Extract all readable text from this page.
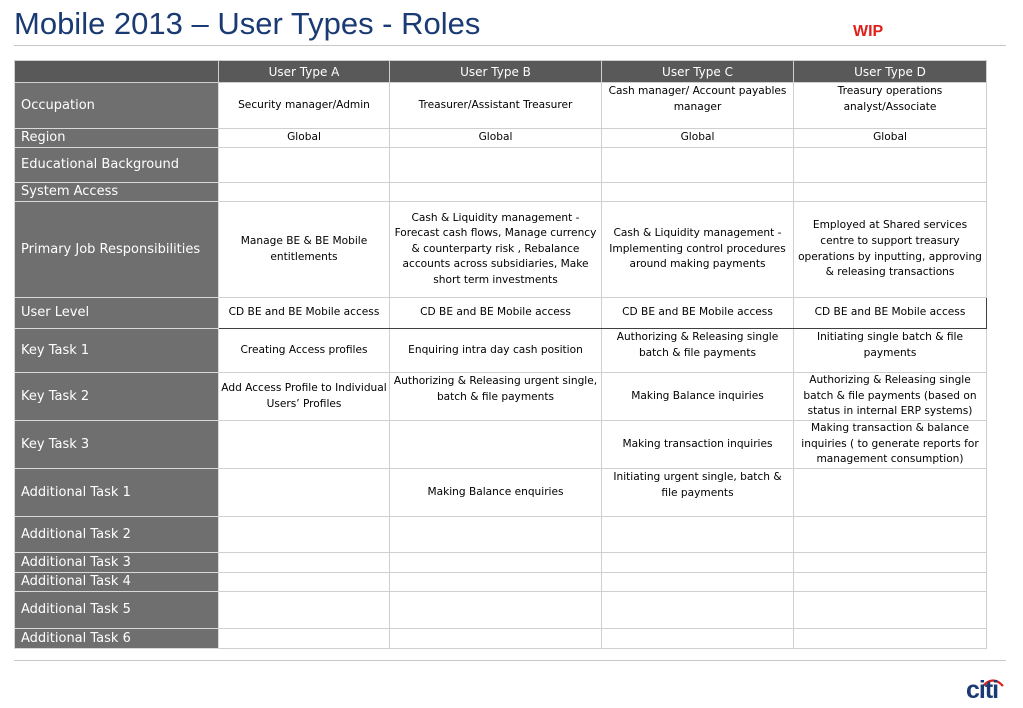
Mobile 2013 – User Types - Roles	WIP
	User Type A	User Type B	User Type C	User Type D
Occupation	Security manager/Admin	Treasurer/Assistant Treasurer	Cash manager/ Account payables manager	Treasury operations analyst/Associate
Region	Global	Global	Global	Global
Educational Background				
System Access				
Primary Job Responsibilities	Manage BE & BE Mobile entitlements	Cash & Liquidity management - Forecast cash flows, Manage currency & counterparty risk , Rebalance accounts across subsidiaries, Make short term investments	Cash & Liquidity management - Implementing control procedures around making payments	Employed at Shared services centre to support treasury operations by inputting, approving & releasing transactions
User Level	CD BE and BE Mobile access	CD BE and BE Mobile access	CD BE and BE Mobile access	CD BE and BE Mobile access
Key Task 1	Creating Access profiles	Enquiring intra day cash position	Authorizing & Releasing single batch & file payments	Initiating single batch & file payments
Key Task 2	Add Access Profile to Individual Users’ Profiles	Authorizing & Releasing urgent single, batch & file payments	Making Balance inquiries	Authorizing & Releasing single batch & file payments (based on status in internal ERP systems)
Key Task 3			Making transaction inquiries	Making transaction & balance inquiries ( to generate reports for management consumption)
Additional Task 1		Making Balance enquiries	Initiating urgent single, batch & file payments	
Additional Task 2				
Additional Task 3				
Additional Task 4				
Additional Task 5				
Additional Task 6				
citi
